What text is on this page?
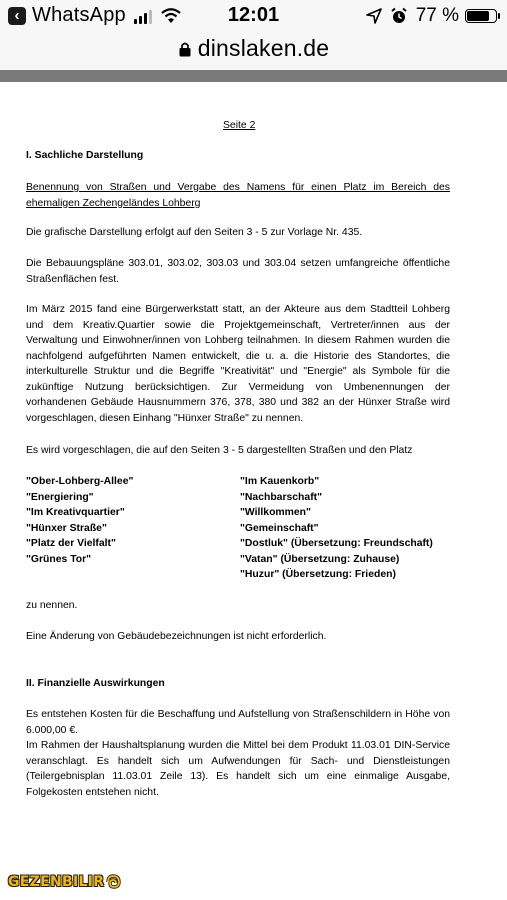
‹ WhatsApp	12:01	77 %
dinslaken.de

Seite 2

I. Sachliche Darstellung

Benennung von Straßen und Vergabe des Namens für einen Platz im Bereich des ehemaligen Zechengeländes Lohberg

Die grafische Darstellung erfolgt auf den Seiten 3 - 5 zur Vorlage Nr. 435.

Die Bebauungspläne 303.01, 303.02, 303.03 und 303.04 setzen umfangreiche öffentliche Straßenflächen fest.

Im März 2015 fand eine Bürgerwerkstatt statt, an der Akteure aus dem Stadtteil Lohberg und dem Kreativ.Quartier sowie die Projektgemeinschaft, Vertreter/innen aus der Verwaltung und Einwohner/innen von Lohberg teilnahmen. In diesem Rahmen wurden die nachfolgend aufgeführten Namen entwickelt, die u. a. die Historie des Standortes, die interkulturelle Struktur und die Begriffe "Kreativität" und "Energie" als Symbole für die zukünftige Nutzung berücksichtigen. Zur Vermeidung von Umbenennungen der vorhandenen Gebäude Hausnummern 376, 378, 380 und 382 an der Hünxer Straße wird vorgeschlagen, diesen Einhang "Hünxer Straße" zu nennen.

Es wird vorgeschlagen, die auf den Seiten 3 - 5 dargestellten Straßen und den Platz

"Ober-Lohberg-Allee"
"Energiering"
"Im Kreativquartier"
"Hünxer Straße"
"Platz der Vielfalt"
"Grünes Tor"
"Im Kauenkorb"
"Nachbarschaft"
"Willkommen"
"Gemeinschaft"
"Dostluk" (Übersetzung: Freundschaft)
"Vatan" (Übersetzung: Zuhause)
"Huzur" (Übersetzung: Frieden)

zu nennen.

Eine Änderung von Gebäudebezeichnungen ist nicht erforderlich.

II. Finanzielle Auswirkungen

Es entstehen Kosten für die Beschaffung und Aufstellung von Straßenschildern in Höhe von 6.000,00 €.

Im Rahmen der Haushaltsplanung wurden die Mittel bei dem Produkt 11.03.01 DIN-Service veranschlagt. Es handelt sich um Aufwendungen für Sach- und Dienstleistungen (Teilergebnisplan 11.03.01 Zeile 13). Es handelt sich um eine einmalige Ausgabe, Folgekosten entstehen nicht.

GEZENBILIR
